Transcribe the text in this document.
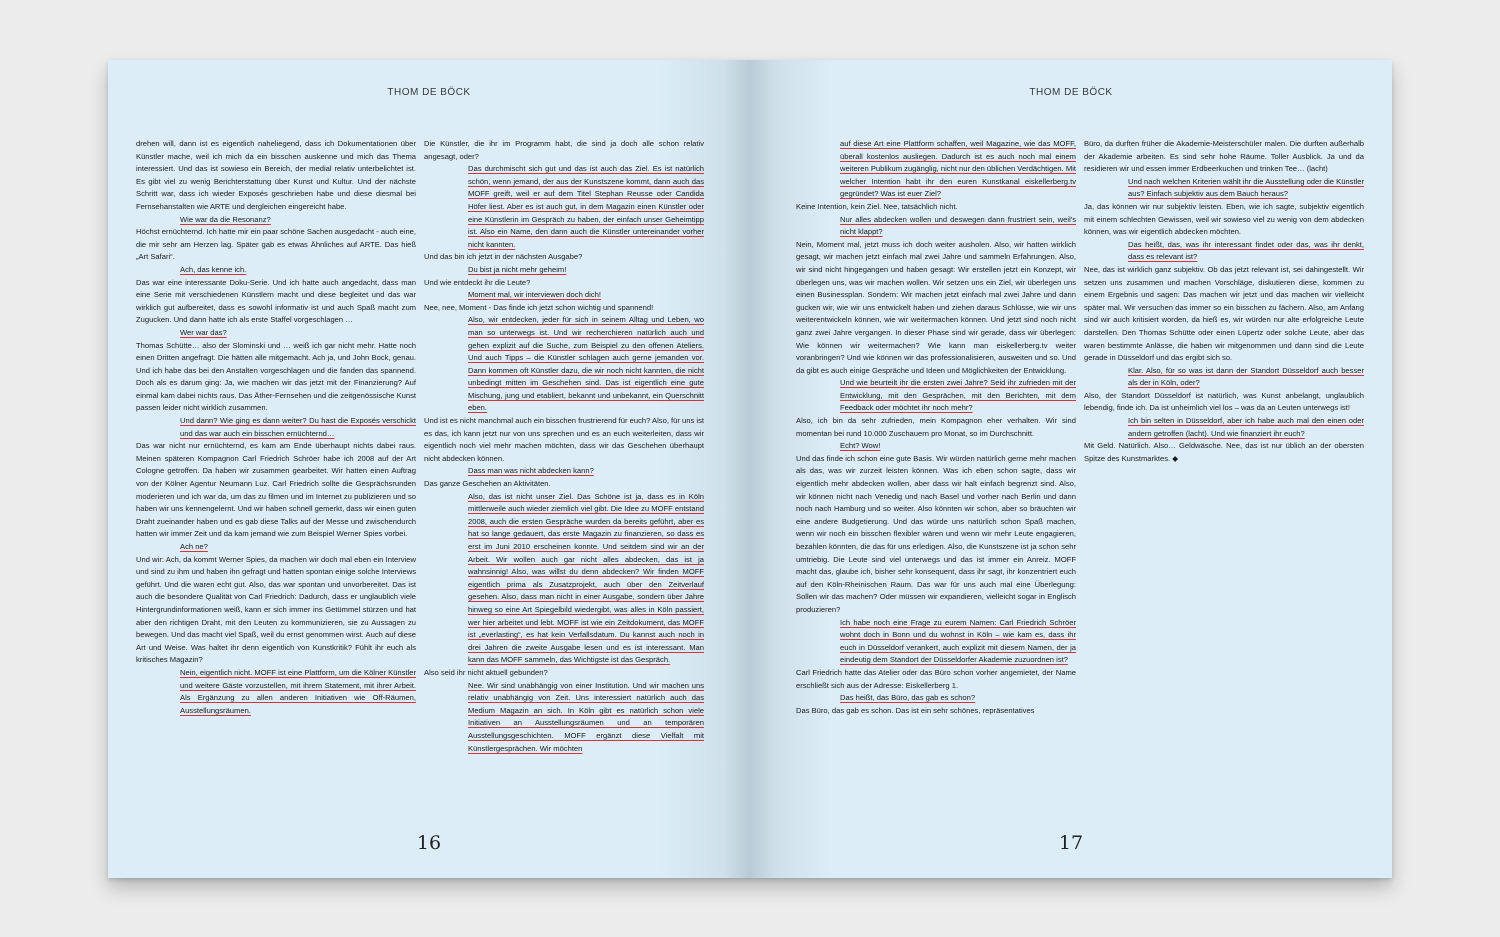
THOM DE BÖCK

drehen will, dann ist es eigentlich naheliegend, dass ich Dokumentationen über Künstler mache, weil ich mich da ein bisschen auskenne und mich das Thema interessiert. Und das ist sowieso ein Bereich, der medial relativ unterbelichtet ist. Es gibt viel zu wenig Berichterstattung über Kunst und Kultur. Und der nächste Schritt war, dass ich wieder Exposés geschrieben habe und diese diesmal bei Fernsehanstalten wie ARTE und dergleichen eingereicht habe.

Wie war da die Resonanz?

Höchst ernüchternd. Ich hatte mir ein paar schöne Sachen ausgedacht - auch eine, die mir sehr am Herzen lag. Später gab es etwas Ähnliches auf ARTE. Das hieß „Art Safari“.

Ach, das kenne ich.

Das war eine interessante Doku-Serie. Und ich hatte auch angedacht, dass man eine Serie mit verschiedenen Künstlern macht und diese begleitet und das war wirklich gut aufbereitet, dass es sowohl informativ ist und auch Spaß macht zum Zugucken. Und dann hatte ich als erste Staffel vorgeschlagen …

Wer war das?

Thomas Schütte… also der Slominski und … weiß ich gar nicht mehr. Hatte noch einen Dritten angefragt. Die hätten alle mitgemacht. Ach ja, und John Bock, genau. Und ich habe das bei den Anstalten vorgeschlagen und die fanden das spannend. Doch als es darum ging: Ja, wie machen wir das jetzt mit der Finanzierung? Auf einmal kam dabei nichts raus. Das Äther-Fernsehen und die zeitgenössische Kunst passen leider nicht wirklich zusammen.

Und dann? Wie ging es dann weiter? Du hast die Exposés verschickt und das war auch ein bisschen ernüchternd…

Das war nicht nur ernüchternd, es kam am Ende überhaupt nichts dabei raus. Meinen späteren Kompagnon Carl Friedrich Schröer habe ich 2008 auf der Art Cologne getroffen. Da haben wir zusammen gearbeitet. Wir hatten einen Auftrag von der Kölner Agentur Neumann Luz. Carl Friedrich sollte die Gesprächsrunden moderieren und ich war da, um das zu filmen und im Internet zu publizieren und so haben wir uns kennengelernt. Und wir haben schnell gemerkt, dass wir einen guten Draht zueinander haben und es gab diese Talks auf der Messe und zwischendurch hatten wir immer Zeit und da kam jemand wie zum Beispiel Werner Spies vorbei.

Ach ne?

Und wir: Ach, da kommt Werner Spies, da machen wir doch mal eben ein Interview und sind zu ihm und haben ihn gefragt und hatten spontan einige solche Interviews geführt. Und die waren echt gut. Also, das war spontan und unvorbereitet. Das ist auch die besondere Qualität von Carl Friedrich: Dadurch, dass er unglaublich viele Hintergrundinformationen weiß, kann er sich immer ins Getümmel stürzen und hat aber den richtigen Draht, mit den Leuten zu kommunizieren, sie zu Aussagen zu bewegen. Und das macht viel Spaß, weil du ernst genommen wirst. Auch auf diese Art und Weise. Was haltet ihr denn eigentlich von Kunstkritik? Fühlt ihr euch als kritisches Magazin?

Nein, eigentlich nicht. MOFF ist eine Plattform, um die Kölner Künstler und weitere Gäste vorzustellen, mit ihrem Statement, mit ihrer Arbeit. Als Ergänzung zu allen anderen Initiativen wie Off-Räumen, Ausstellungsräumen.

Die Künstler, die ihr im Programm habt, die sind ja doch alle schon relativ angesagt, oder?

Das durchmischt sich gut und das ist auch das Ziel. Es ist natürlich schön, wenn jemand, der aus der Kunstszene kommt, dann auch das MOFF greift, weil er auf dem Titel Stephan Reusse oder Candida Höfer liest. Aber es ist auch gut, in dem Magazin einen Künstler oder eine Künstlerin im Gespräch zu haben, der einfach unser Geheimtipp ist. Also ein Name, den dann auch die Künstler untereinander vorher nicht kannten.

Und das bin ich jetzt in der nächsten Ausgabe?

Du bist ja nicht mehr geheim!

Und wie entdeckt ihr die Leute?

Moment mal, wir interviewen doch dich!

Nee, nee, Moment - Das finde ich jetzt schon wichtig und spannend!

Also, wir entdecken, jeder für sich in seinem Alltag und Leben, wo man so unterwegs ist. Und wir recherchieren natürlich auch und gehen explizit auf die Suche, zum Beispiel zu den offenen Ateliers. Und auch Tipps – die Künstler schlagen auch gerne jemanden vor. Dann kommen oft Künstler dazu, die wir noch nicht kannten, die nicht unbedingt mitten im Geschehen sind. Das ist eigentlich eine gute Mischung, jung und etabliert, bekannt und unbekannt, ein Querschnitt eben.

Und ist es nicht manchmal auch ein bisschen frustrierend für euch? Also, für uns ist es das, ich kann jetzt nur von uns sprechen und es an euch weiterleiten, dass wir eigentlich noch viel mehr machen möchten, dass wir das Geschehen überhaupt nicht abdecken können.

Dass man was nicht abdecken kann?

Das ganze Geschehen an Aktivitäten.

Also, das ist nicht unser Ziel. Das Schöne ist ja, dass es in Köln mittlerweile auch wieder ziemlich viel gibt. Die Idee zu MOFF entstand 2008, auch die ersten Gespräche wurden da bereits geführt, aber es hat so lange gedauert, das erste Magazin zu finanzieren, so dass es erst im Juni 2010 erscheinen konnte. Und seitdem sind wir an der Arbeit. Wir wollen auch gar nicht alles abdecken, das ist ja wahnsinnig! Also, was willst du denn abdecken? Wir finden MOFF eigentlich prima als Zusatzprojekt, auch über den Zeitverlauf gesehen. Also, dass man nicht in einer Ausgabe, sondern über Jahre hinweg so eine Art Spiegelbild wiedergibt, was alles in Köln passiert, wer hier arbeitet und lebt. MOFF ist wie ein Zeitdokument, das MOFF ist „everlasting“, es hat kein Verfallsdatum. Du kannst auch noch in drei Jahren die zweite Ausgabe lesen und es ist interessant. Man kann das MOFF sammeln, das Wichtigste ist das Gespräch.

Also seid ihr nicht aktuell gebunden?

Nee. Wir sind unabhängig von einer Institution. Und wir machen uns relativ unabhängig von Zeit. Uns interessiert natürlich auch das Medium Magazin an sich. In Köln gibt es natürlich schon viele Initiativen an Ausstellungsräumen und an temporären Ausstellungsgeschichten. MOFF ergänzt diese Vielfalt mit Künstlergesprächen. Wir möchten

16
THOM DE BÖCK

auf diese Art eine Plattform schaffen, weil Magazine, wie das MOFF, überall kostenlos ausliegen. Dadurch ist es auch noch mal einem weiteren Publikum zugänglig, nicht nur den üblichen Verdächtigen. Mit welcher Intention habt ihr den euren Kunstkanal eiskellerberg.tv gegründet? Was ist euer Ziel?

Keine Intention, kein Ziel. Nee, tatsächlich nicht.

Nur alles abdecken wollen und deswegen dann frustriert sein, weil's nicht klappt?

Nein, Moment mal, jetzt muss ich doch weiter ausholen. Also, wir hatten wirklich gesagt, wir machen jetzt einfach mal zwei Jahre und sammeln Erfahrungen. Also, wir sind nicht hingegangen und haben gesagt: Wir erstellen jetzt ein Konzept, wir überlegen uns, was wir machen wollen. Wir setzen uns ein Ziel, wir überlegen uns einen Businessplan. Sondern: Wir machen jetzt einfach mal zwei Jahre und dann gucken wir, wie wir uns entwickelt haben und ziehen daraus Schlüsse, wie wir uns weiterentwickeln können, wie wir weitermachen können. Und jetzt sind noch nicht ganz zwei Jahre vergangen. In dieser Phase sind wir gerade, dass wir überlegen: Wie können wir weitermachen? Wie kann man eiskellerberg.tv weiter voranbringen? Und wie können wir das professionalisieren, ausweiten und so. Und da gibt es auch einige Gespräche und Ideen und Möglichkeiten der Entwicklung.

Und wie beurteilt ihr die ersten zwei Jahre? Seid ihr zufrieden mit der Entwicklung, mit den Gesprächen, mit den Berichten, mit dem Feedback oder möchtet ihr noch mehr?

Also, ich bin da sehr zufrieden, mein Kompagnon eher verhalten. Wir sind momentan bei rund 10.000 Zuschauern pro Monat, so im Durchschnitt.

Echt? Wow!

Und das finde ich schon eine gute Basis. Wir würden natürlich gerne mehr machen als das, was wir zurzeit leisten können. Was ich eben schon sagte, dass wir eigentlich mehr abdecken wollen, aber dass wir halt einfach begrenzt sind. Also, wir können nicht nach Venedig und nach Basel und vorher nach Berlin und dann noch nach Hamburg und so weiter. Also könnten wir schon, aber so bräuchten wir eine andere Budgetierung. Und das würde uns natürlich schon Spaß machen, wenn wir noch ein bisschen flexibler wären und wenn wir mehr Leute engagieren, bezahlen könnten, die das für uns erledigen. Also, die Kunstszene ist ja schon sehr umtriebig. Die Leute sind viel unterwegs und das ist immer ein Anreiz. MOFF macht das, glaube ich, bisher sehr konsequent, dass ihr sagt, ihr konzentriert euch auf den Köln-Rheinischen Raum. Das war für uns auch mal eine Überlegung: Sollen wir das machen? Oder müssen wir expandieren, vielleicht sogar in Englisch produzieren?

Ich habe noch eine Frage zu eurem Namen: Carl Friedrich Schröer wohnt doch in Bonn und du wohnst in Köln – wie kam es, dass ihr euch in Düsseldorf verankert, auch explizit mit diesem Namen, der ja eindeutig dem Standort der Düsseldorfer Akademie zuzuordnen ist?

Carl Friedrich hatte das Atelier oder das Büro schon vorher angemietet, der Name erschließt sich aus der Adresse: Eiskellerberg 1.

Das heißt, das Büro, das gab es schon?

Das Büro, das gab es schon. Das ist ein sehr schönes, repräsentatives

Büro, da durften früher die Akademie-Meisterschüler malen. Die durften außerhalb der Akademie arbeiten. Es sind sehr hohe Räume. Toller Ausblick. Ja und da residieren wir und essen immer Erdbeerkuchen und trinken Tee… (lacht)

Und nach welchen Kriterien wählt ihr die Ausstellung oder die Künstler aus? Einfach subjektiv aus dem Bauch heraus?

Ja, das können wir nur subjektiv leisten. Eben, wie ich sagte, subjektiv eigentlich mit einem schlechten Gewissen, weil wir sowieso viel zu wenig von dem abdecken können, was wir eigentlich abdecken möchten.

Das heißt, das, was ihr interessant findet oder das, was ihr denkt, dass es relevant ist?

Nee, das ist wirklich ganz subjektiv. Ob das jetzt relevant ist, sei dahingestellt. Wir setzen uns zusammen und machen Vorschläge, diskutieren diese, kommen zu einem Ergebnis und sagen: Das machen wir jetzt und das machen wir vielleicht später mal. Wir versuchen das immer so ein bisschen zu fächern. Also, am Anfang sind wir auch kritisiert worden, da hieß es, wir würden nur alte erfolgreiche Leute darstellen. Den Thomas Schütte oder einen Lüpertz oder solche Leute, aber das waren bestimmte Anlässe, die haben wir mitgenommen und dann sind die Leute gerade in Düsseldorf und das ergibt sich so.

Klar. Also, für so was ist dann der Standort Düsseldorf auch besser als der in Köln, oder?

Also, der Standort Düsseldorf ist natürlich, was Kunst anbelangt, unglaublich lebendig, finde ich. Da ist unheimlich viel los – was da an Leuten unterwegs ist!

Ich bin selten in Düsseldorf, aber ich habe auch mal den einen oder andern getroffen (lacht). Und wie finanziert ihr euch?

Mit Geld. Natürlich. Also… Geldwäsche. Nee, das ist nur üblich an der obersten Spitze des Kunstmarktes. ◆

17
